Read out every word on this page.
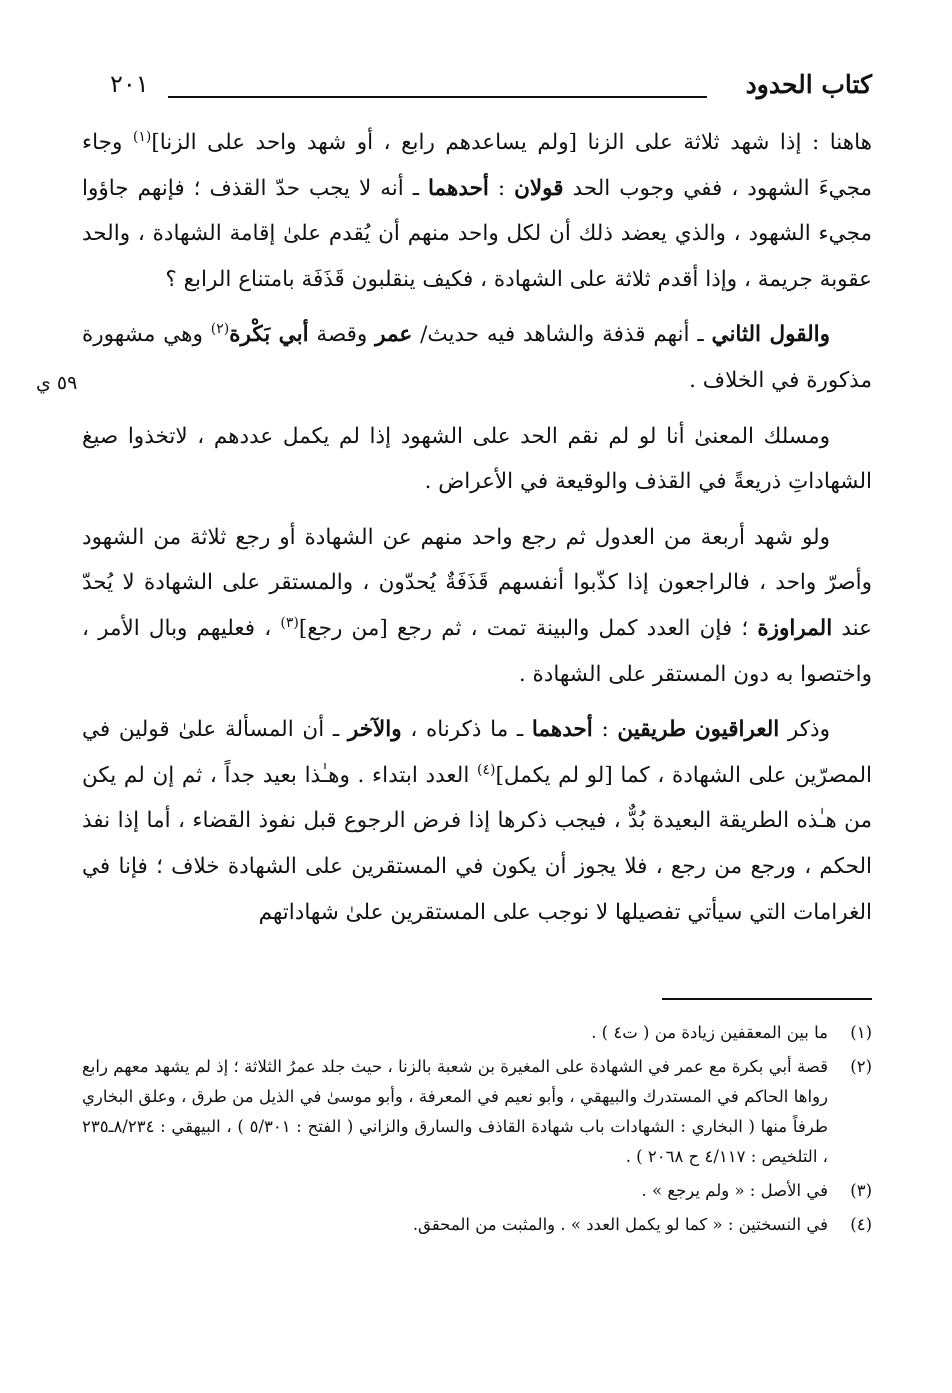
كتاب الحدود
٢٠١
٥٩ ي

هاهنا : إذا شهد ثلاثة على الزنا [ولم يساعدهم رابع ، أو شهد واحد على الزنا]$^{(١)}$ وجاء مجيءَ الشهود ، ففي وجوب الحد قولان : أحدهما ـ أنه لا يجب حدّ القذف ؛ فإنهم جاؤوا مجيء الشهود ، والذي يعضد ذلك أن لكل واحد منهم أن يُقدم علىٰ إقامة الشهادة ، والحد عقوبة جريمة ، وإذا أقدم ثلاثة على الشهادة ، فكيف ينقلبون قَذَفَة بامتناع الرابع ؟

والقول الثاني ـ أنهم قذفة والشاهد فيه حديث/ عمر وقصة أبي بَكْرة$^{(٢)}$ وهي مشهورة مذكورة في الخلاف .

ومسلك المعنىٰ أنا لو لم نقم الحد على الشهود إذا لم يكمل عددهم ، لاتخذوا صيغ الشهاداتِ ذريعةً في القذف والوقيعة في الأعراض .

ولو شهد أربعة من العدول ثم رجع واحد منهم عن الشهادة أو رجع ثلاثة من الشهود وأصرّ واحد ، فالراجعون إذا كذّبوا أنفسهم قَذَفَةٌ يُحدّون ، والمستقر على الشهادة لا يُحدّ عند المراوزة ؛ فإن العدد كمل والبينة تمت ، ثم رجع [من رجع]$^{(٣)}$ ، فعليهم وبال الأمر ، واختصوا به دون المستقر على الشهادة .

وذكر العراقيون طريقين : أحدهما ـ ما ذكرناه ، والآخر ـ أن المسألة علىٰ قولين في المصرّين على الشهادة ، كما [لو لم يكمل]$^{(٤)}$ العدد ابتداء . وهـٰذا بعيد جداً ، ثم إن لم يكن من هـٰذه الطريقة البعيدة بُدٌّ ، فيجب ذكرها إذا فرض الرجوع قبل نفوذ القضاء ، أما إذا نفذ الحكم ، ورجع من رجع ، فلا يجوز أن يكون في المستقرين على الشهادة خلاف ؛ فإنا في الغرامات التي سيأتي تفصيلها لا نوجب على المستقرين علىٰ شهاداتهم

(١)
ما بين المعقفين زيادة من ( ت٤ ) .
(٢)
قصة أبي بكرة مع عمر في الشهادة على المغيرة بن شعبة بالزنا ، حيث جلد عمرُ الثلاثة ؛ إذ لم يشهد معهم رابع رواها الحاكم في المستدرك والبيهقي ، وأبو نعيم في المعرفة ، وأبو موسىٰ في الذيل من طرق ، وعلق البخاري طرفاً منها ( البخاري : الشهادات باب شهادة القاذف والسارق والزاني ( الفتح : ٥/٣٠١ ) ، البيهقي : ٨/٢٣٤ـ٢٣٥ ، التلخيص : ٤/١١٧ ح ٢٠٦٨ ) .
(٣)
في الأصل : « ولم يرجع » .
(٤)
في النسختين : « كما لو يكمل العدد » . والمثبت من المحقق.
